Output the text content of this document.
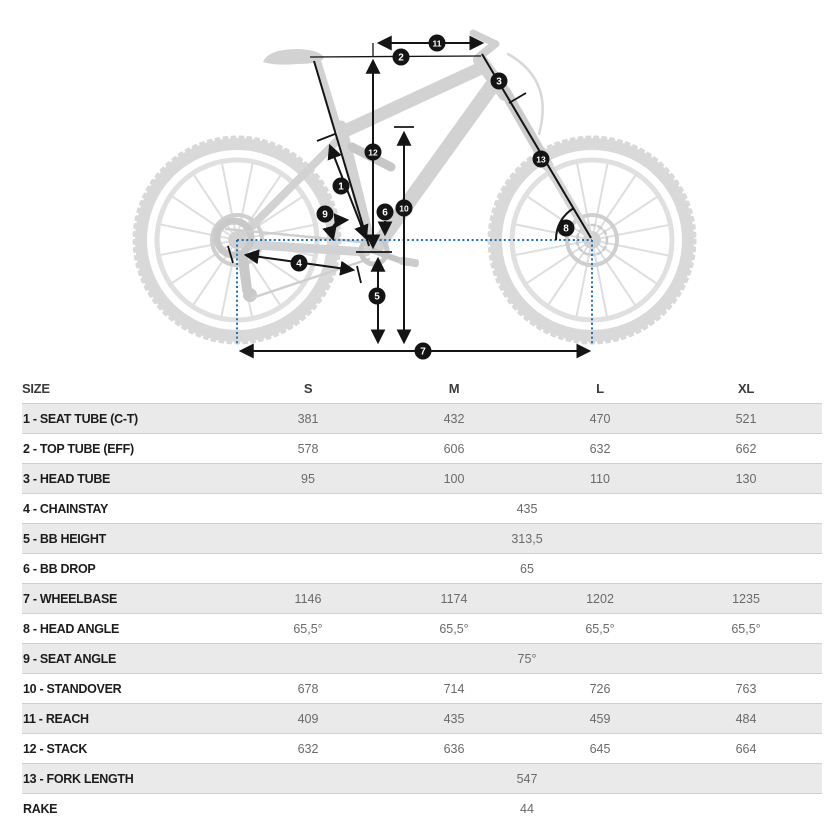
1
2
3
4
5
6
7
8
9
10
11
12
13
SIZE	S	M	L	XL
1 - SEAT TUBE (C-T)	381	432	470	521
2 - TOP TUBE (EFF)	578	606	632	662
3 - HEAD TUBE	95	100	110	130
4 - CHAINSTAY	435
5 - BB HEIGHT	313,5
6 - BB DROP	65
7 - WHEELBASE	1146	1174	1202	1235
8 - HEAD ANGLE	65,5°	65,5°	65,5°	65,5°
9 - SEAT ANGLE	75°
10 - STANDOVER	678	714	726	763
11 - REACH	409	435	459	484
12 - STACK	632	636	645	664
13 - FORK LENGTH	547
RAKE	44
